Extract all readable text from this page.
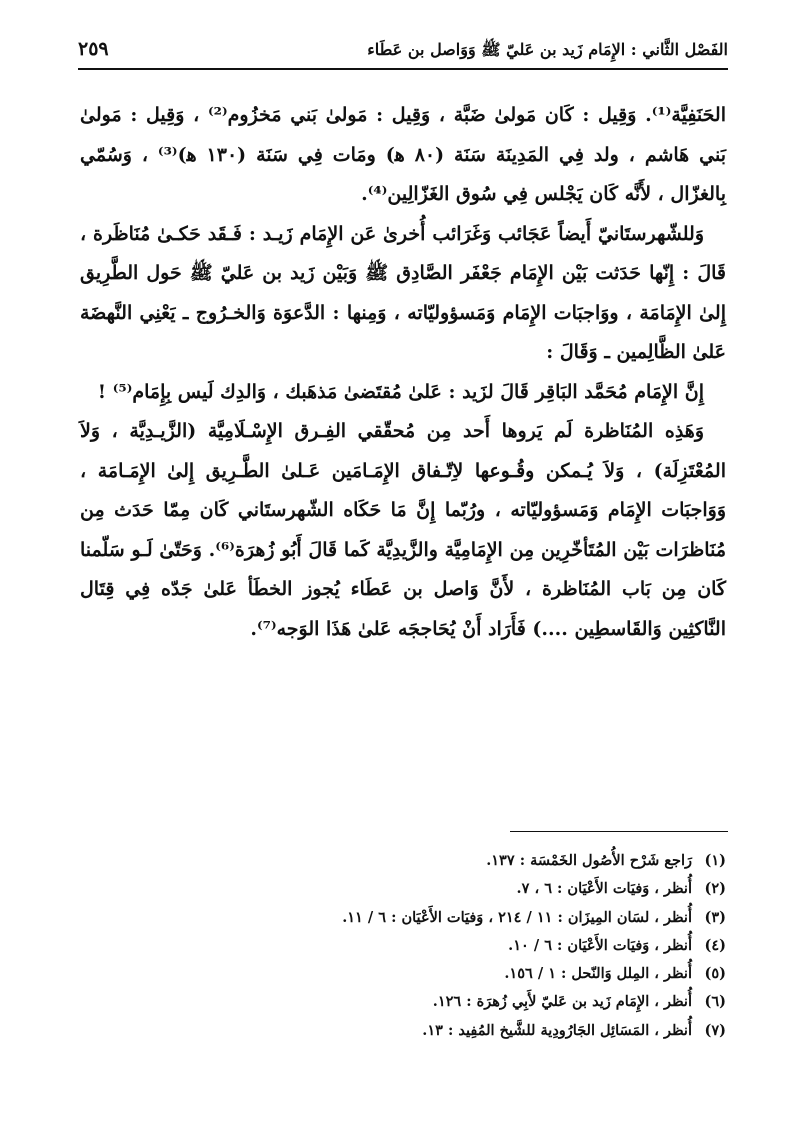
الفَصْل الثَّاني : الإِمَام زَيد بن عَليّ ﷺ وَوَاصل بن عَطَاء
٢٥٩

الحَنَفِيَّة⁽¹⁾. وَقِيل : كَان مَولىٰ ضَبَّة ، وَقِيل : مَولىٰ بَني مَخزُوم⁽²⁾ ، وَقِيل : مَولىٰ بَني هَاشم ، ولد فِي المَدِينَة سَنَة (٨٠ ﻫ) ومَات فِي سَنَة (١٣٠ ﻫ)⁽³⁾ ، وَسُمّي بِالغزّال ، لأَنَّه كَان يَجْلس فِي سُوق الغَزّالِين⁽⁴⁾.

وَللشّهرستَانيّ أَيضاً عَجَائب وَغَرَائب أُخرىٰ عَن الإِمَام زَيـد : فَـقَد حَكـىٰ مُنَاظَرة ، قَالَ : إِنّها حَدَثت بَيْن الإِمَام جَعْفَر الصَّادِق ﷺ وَبَيْن زَيد بن عَليّ ﷺ حَول الطَّرِيق إِلىٰ الإِمَامَة ، ووَاجبَات الإِمَام وَمَسؤوليّاته ، وَمِنها : الدَّعوَة وَالخـرُوج ـ يَعْنِي النَّهضَة عَلىٰ الظَّالِمين ـ وَقَالَ :

إِنَّ الإِمَام مُحَمَّد البَاقِر قَالَ لزَيد : عَلىٰ مُقتَضىٰ مَذهَبك ، وَالدِك لَيس بِإِمَام⁽⁵⁾ !

وَهَذِه المُنَاظرة لَم يَروها أَحد مِن مُحقّقي الفِـرق الإِسْـلَامِيَّة (الزَّيـدِيَّة ، وَلاَ المُعْتَزِلَة) ، وَلاَ يُـمكن وقُـوعها لاِتّـفاق الإِمَـامَين عَـلىٰ الطَّـرِيق إِلىٰ الإِمَـامَة ، وَوَاجبَات الإِمَام وَمَسؤوليّاته ، ورُبّما إِنَّ مَا حَكَاه الشّهرستَاني كَان مِمّا حَدَث مِن مُنَاظرَات بَيْن المُتَأخّرِين مِن الإِمَامِيَّة والزَّيدِيَّة كَما قَالَ أَبُو زُهرَة⁽⁶⁾. وَحَتّىٰ لَـو سَلّمنا كَان مِن بَاب المُنَاظرة ، لأَنَّ وَاصل بن عَطَاء يُجوز الخطَأ عَلىٰ جَدّه فِي قِتَال النَّاكثِين وَالقَاسطِين ....) فَأَرَاد أَنْ يُحَاججَه عَلىٰ هَذَا الوَجه⁽⁷⁾.

(١)
رَاجع شَرْح الأُصُول الخَمْسَة : ١٣٧.
(٢)
أُنظر ، وَفيَات الأَعْيَان : ٦ ، ٧.
(٣)
أُنظر ، لسَان المِيزَان : ١١ / ٢١٤ ، وَفيَات الأَعْيَان : ٦ / ١١.
(٤)
أُنظر ، وَفيَات الأَعْيَان : ٦ / ١٠.
(٥)
أُنظر ، المِلل وَالنّحل : ١ / ١٥٦.
(٦)
أُنظر ، الإِمَام زَيد بن عَليّ لأَبِي زُهرَة : ١٢٦.
(٧)
أُنظر ، المَسَائِل الجَارُودِية للشَّيخ المُفِيد : ١٣.
